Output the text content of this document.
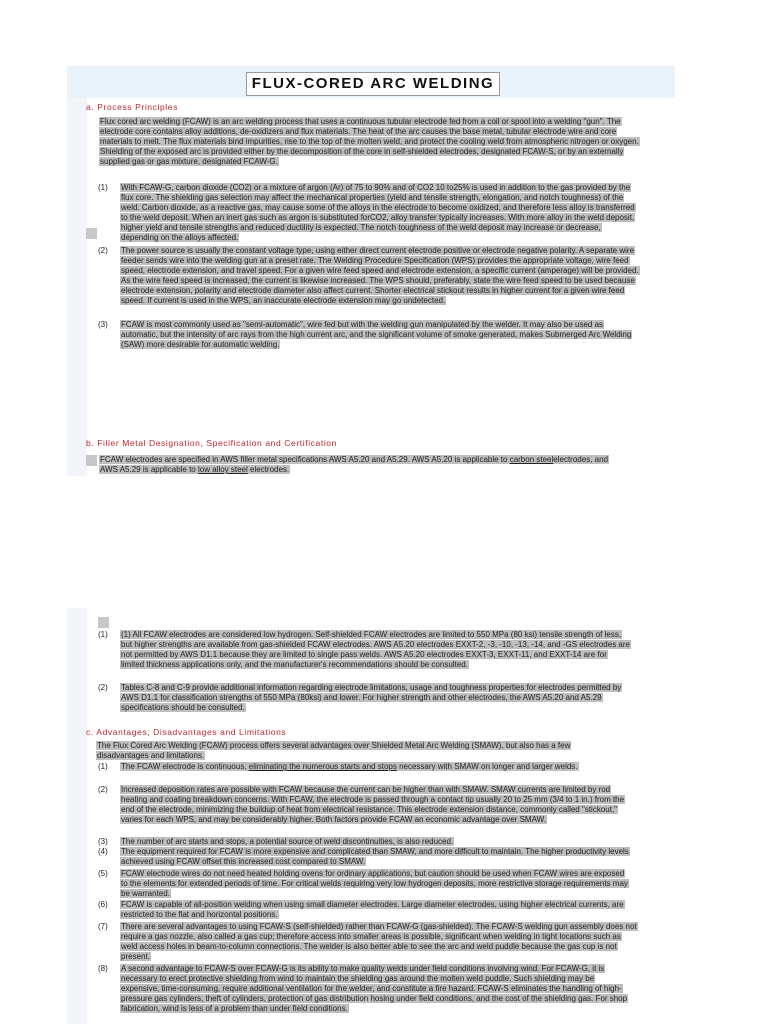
FLUX-CORED ARC WELDING
a. Process Principles
Flux cored arc welding (FCAW) is an arc welding process that uses a continuous tubular electrode fed from a coil or spool into a welding "gun". The electrode core contains alloy additions, de-oxidizers and flux materials. The heat of the arc causes the base metal, tubular electrode wire and core materials to melt. The flux materials bind impurities, rise to the top of the molten weld, and protect the cooling weld from atmospheric nitrogen or oxygen. Shielding of the exposed arc is provided either by the decomposition of the core in self-shielded electrodes, designated FCAW-S, or by an externally supplied gas or gas mixture, designated FCAW-G.
(1)	With FCAW-G, carbon dioxide (CO2) or a mixture of argon (Ar) of 75 to 90% and of CO2 10 to25% is used in addition to the gas provided by the flux core. The shielding gas selection may affect the mechanical properties (yield and tensile strength, elongation, and notch toughness) of the weld. Carbon dioxide, as a reactive gas, may cause some of the alloys in the electrode to become oxidized, and therefore less alloy is transferred to the weld deposit. When an inert gas such as argon is substituted forCO2, alloy transfer typically increases. With more alloy in the weld deposit, higher yield and tensile strengths and reduced ductility is expected. The notch toughness of the weld deposit may increase or decrease, depending on the alloys affected.
(2)	The power source is usually the constant voltage type, using either direct current electrode positive or electrode negative polarity. A separate wire feeder sends wire into the welding gun at a preset rate. The Welding Procedure Specification (WPS) provides the appropriate voltage, wire feed speed, electrode extension, and travel speed. For a given wire feed speed and electrode extension, a specific current (amperage) will be provided. As the wire feed speed is increased, the current is likewise increased. The WPS should, preferably, state the wire feed speed to be used because electrode extension, polarity and electrode diameter also affect current. Shorter electrical stickout results in higher current for a given wire feed speed. If current is used in the WPS, an inaccurate electrode extension may go undetected.
(3)	FCAW is most commonly used as "semi-automatic", wire fed but with the welding gun manipulated by the welder. It may also be used as automatic, but the intensity of arc rays from the high current arc, and the significant volume of smoke generated, makes Submerged Arc Welding (SAW) more desirable for automatic welding.
b. Filler Metal Designation, Specification and Certification
FCAW electrodes are specified in AWS filler metal specifications AWS A5.20 and A5.29. AWS A5.20 is applicable to carbon steelelectrodes, and AWS A5.29 is applicable to low alloy steel electrodes.
(1)	(1) All FCAW electrodes are considered low hydrogen. Self-shielded FCAW electrodes are limited to 550 MPa (80 ksi) tensile strength of less, but higher strengths are available from gas-shielded FCAW electrodes. AWS A5.20 electrodes EXXT-2, -3, -10, -13, -14, and -GS electrodes are not permitted by AWS D1.1 because they are limited to single pass welds. AWS A5.20 electrodes EXXT-3, EXXT-11, and EXXT-14 are for limited thickness applications only, and the manufacturer's recommendations should be consulted.
(2)	Tables C-8 and C-9 provide additional information regarding electrode limitations, usage and toughness properties for electrodes permitted by AWS D1.1 for classification strengths of 550 MPa (80ksi) and lower. For higher strength and other electrodes, the AWS A5.20 and A5.29 specifications should be consulted.
c. Advantages, Disadvantages and Limitations
The Flux Cored Arc Welding (FCAW) process offers several advantages over Shielded Metal Arc Welding (SMAW), but also has a few disadvantages and limitations.
(1)	The FCAW electrode is continuous, eliminating the numerous starts and stops necessary with SMAW on longer and larger welds.
(2)	Increased deposition rates are possible with FCAW because the current can be higher than with SMAW. SMAW currents are limited by rod heating and coating breakdown concerns. With FCAW, the electrode is passed through a contact tip usually 20 to 25 mm (3/4 to 1 in.) from the end of the electrode, minimizing the buildup of heat from electrical resistance. This electrode extension distance, commonly called "stickout," varies for each WPS, and may be considerably higher. Both factors provide FCAW an economic advantage over SMAW.
(3)	The number of arc starts and stops, a potential source of weld discontinuities, is also reduced.
(4)	The equipment required for FCAW is more expensive and complicated than SMAW, and more difficult to maintain. The higher productivity levels achieved using FCAW offset this increased cost compared to SMAW.
(5)	FCAW electrode wires do not need heated holding ovens for ordinary applications, but caution should be used when FCAW wires are exposed to the elements for extended periods of time. For critical welds requiring very low hydrogen deposits, more restrictive storage requirements may be warranted.
(6)	FCAW is capable of all-position welding when using small diameter electrodes. Large diameter electrodes, using higher electrical currents, are restricted to the flat and horizontal positions.
(7)	There are several advantages to using FCAW-S (self-shielded) rather than FCAW-G (gas-shielded). The FCAW-S welding gun assembly does not require a gas nozzle, also called a gas cup; therefore access into smaller areas is possible, significant when welding in tight locations such as weld access holes in beam-to-column connections. The welder is also better able to see the arc and weld puddle because the gas cup is not present.
(8)	A second advantage to FCAW-S over FCAW-G is its ability to make quality welds under field conditions involving wind. For FCAW-G, it is necessary to erect protective shielding from wind to maintain the shielding gas around the molten weld puddle. Such shielding may be expensive, time-consuming, require additional ventilation for the welder, and constitute a fire hazard. FCAW-S eliminates the handling of high-pressure gas cylinders, theft of cylinders, protection of gas distribution hosing under field conditions, and the cost of the shielding gas. For shop fabrication, wind is less of a problem than under field conditions.
